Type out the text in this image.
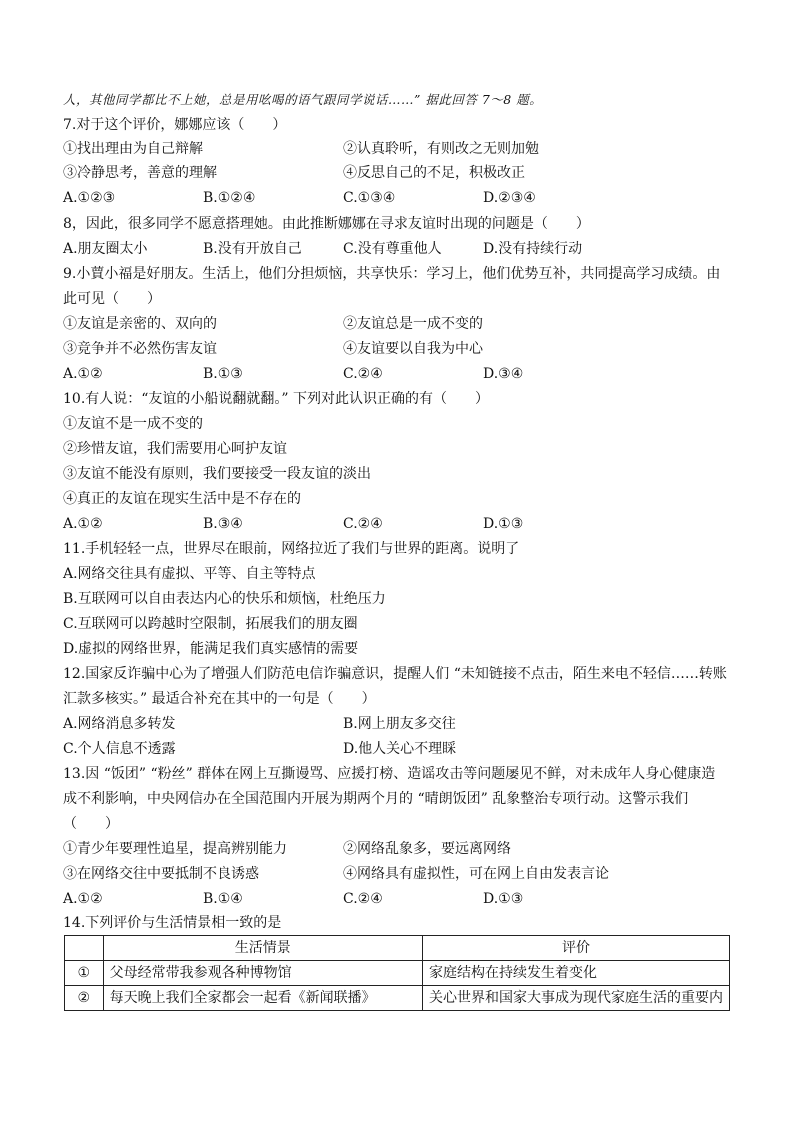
人，其他同学都比不上她，总是用吆喝的语气跟同学说话……” 据此回答 7～8 题。
7.对于这个评价，娜娜应该（　　）
①找出理由为自己辩解	②认真聆听，有则改之无则加勉
③冷静思考，善意的理解	④反思自己的不足，积极改正
A.①②③	B.①②④	C.①③④	D.②③④
8，因此，很多同学不愿意搭理她。由此推断娜娜在寻求友谊时出现的问题是（　　）
A.朋友圈太小	B.没有开放自己	C.没有尊重他人	D.没有持续行动
9.小蕒小福是好朋友。生活上，他们分担烦恼，共享快乐：学习上，他们优势互补，共同提高学习成绩。由
此可见（　　）
①友谊是亲密的、双向的	②友谊总是一成不变的
③竞争并不必然伤害友谊	④友谊要以自我为中心
A.①②	B.①③	C.②④	D.③④
10.有人说：“友谊的小船说翻就翻。” 下列对此认识正确的有（　　）
①友谊不是一成不变的
②珍惜友谊，我们需要用心呵护友谊
③友谊不能没有原则，我们要接受一段友谊的淡出
④真正的友谊在现实生活中是不存在的
A.①②	B.③④	C.②④	D.①③
11.手机轻轻一点，世界尽在眼前，网络拉近了我们与世界的距离。说明了
A.网络交往具有虚拟、平等、自主等特点
B.互联网可以自由表达内心的快乐和烦恼，杜绝压力
C.互联网可以跨越时空限制，拓展我们的朋友圈
D.虚拟的网络世界，能满足我们真实感情的需要
12.国家反诈骗中心为了增强人们防范电信诈骗意识，提醒人们 “未知链接不点击，陌生来电不轻信……转账
汇款多核实。” 最适合补充在其中的一句是（　　）
A.网络消息多转发	B.网上朋友多交往
C.个人信息不透露	D.他人关心不理睬
13.因 “饭团” “粉丝” 群体在网上互撕谩骂、应援打榜、造谣攻击等问题屡见不鲜，对未成年人身心健康造
成不利影响，中央网信办在全国范围内开展为期两个月的 “晴朗饭团” 乱象整治专项行动。这警示我们
（　　）
①青少年要理性追星，提高辨别能力	②网络乱象多，要远离网络
③在网络交往中要抵制不良诱惑	④网络具有虚拟性，可在网上自由发表言论
A.①②	B.①④	C.②④	D.①③
14.下列评价与生活情景相一致的是
	生活情景	评价
①	父母经常带我参观各种博物馆	家庭结构在持续发生着变化
②	每天晚上我们全家都会一起看《新闻联播》	关心世界和国家大事成为现代家庭生活的重要内
